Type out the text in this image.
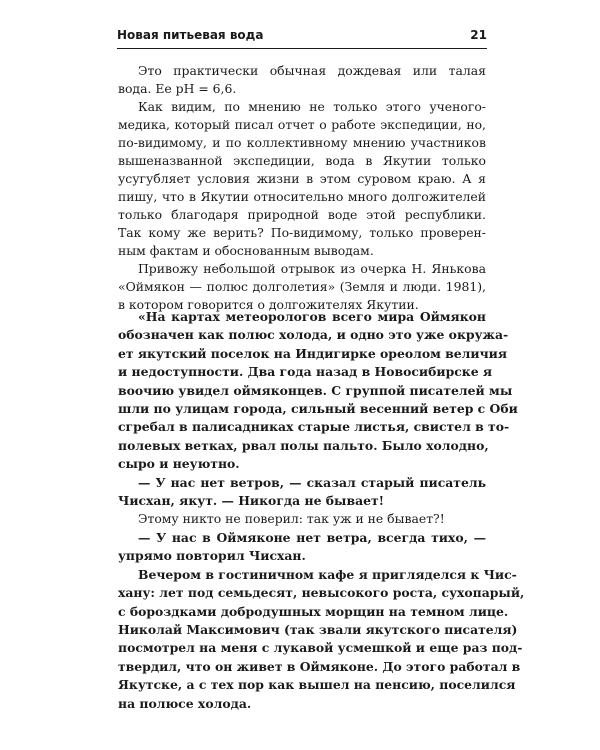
Новая питьевая вода	21
Это практически обычная дождевая или талая
вода. Ее pH = 6,6.
Как видим, по мнению не только этого ученого-
медика, который писал отчет о работе экспедиции, но,
по-видимому, и по коллективному мнению участников
вышеназванной экспедиции, вода в Якутии только
усугубляет условия жизни в этом суровом краю. А я
пишу, что в Якутии относительно много долгожителей
только благодаря природной воде этой республики.
Так кому же верить? По-видимому, только проверен-
ным фактам и обоснованным выводам.
Привожу небольшой отрывок из очерка Н. Янькова
«Оймякон — полюс долголетия» (Земля и люди. 1981),
в котором говорится о долгожителях Якутии.
«На картах метеорологов всего мира Оймякон
обозначен как полюс холода, и одно это уже окружа-
ет якутский поселок на Индигирке ореолом величия
и недоступности. Два года назад в Новосибирске я
воочию увидел оймяконцев. С группой писателей мы
шли по улицам города, сильный весенний ветер с Оби
сгребал в палисадниках старые листья, свистел в то-
полевых ветках, рвал полы пальто. Было холодно,
сыро и неуютно.
— У нас нет ветров, — сказал старый писатель
Чисхан, якут. — Никогда не бывает!
Этому никто не поверил: так уж и не бывает?!
— У нас в Оймяконе нет ветра, всегда тихо, —
упрямо повторил Чисхан.
Вечером в гостиничном кафе я пригляделся к Чис-
хану: лет под семьдесят, невысокого роста, сухопарый,
с бороздками добродушных морщин на темном лице.
Николай Максимович (так звали якутского писателя)
посмотрел на меня с лукавой усмешкой и еще раз под-
твердил, что он живет в Оймяконе. До этого работал в
Якутске, а с тех пор как вышел на пенсию, поселился
на полюсе холода.
